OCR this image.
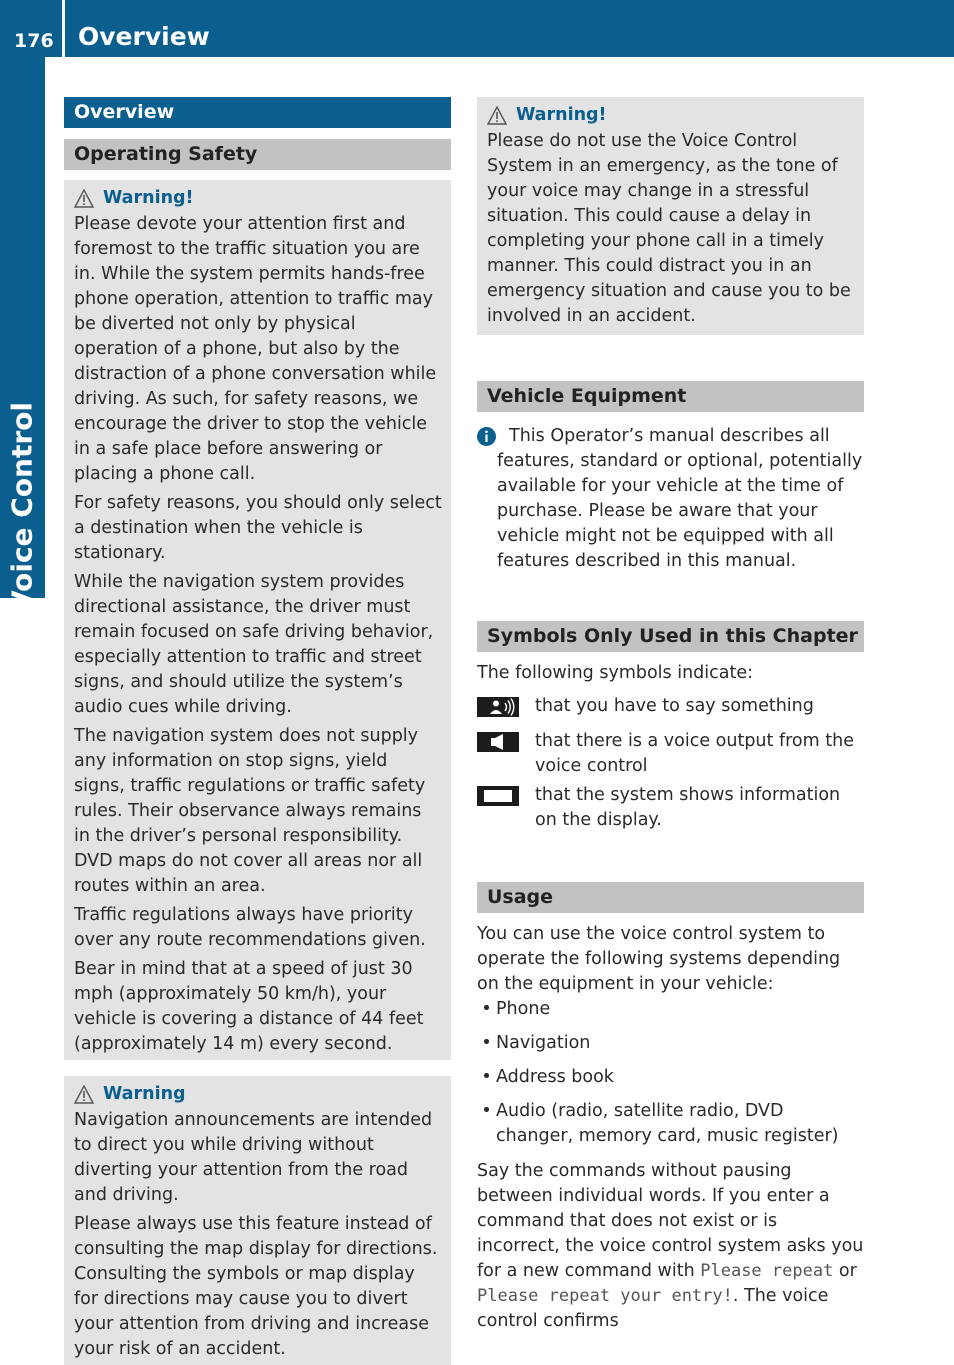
176 Overview
Voice Control
Overview
Operating Safety
Warning!

Please devote your attention first and foremost to the traffic situation you are in. While the system permits hands-free phone operation, attention to traffic may be diverted not only by physical operation of a phone, but also by the distraction of a phone conversation while driving. As such, for safety reasons, we encourage the driver to stop the vehicle in a safe place before answering or placing a phone call.

For safety reasons, you should only select a destination when the vehicle is stationary.

While the navigation system provides directional assistance, the driver must remain focused on safe driving behavior, especially attention to traffic and street signs, and should utilize the system’s audio cues while driving.

The navigation system does not supply any information on stop signs, yield signs, traffic regulations or traffic safety rules. Their observance always remains in the driver’s personal responsibility. DVD maps do not cover all areas nor all routes within an area.

Traffic regulations always have priority over any route recommendations given.

Bear in mind that at a speed of just 30 mph (approximately 50 km/h), your vehicle is covering a distance of 44 feet (approximately 14 m) every second.

Warning

Navigation announcements are intended to direct you while driving without diverting your attention from the road and driving.

Please always use this feature instead of consulting the map display for directions. Consulting the symbols or map display for directions may cause you to divert your attention from driving and increase your risk of an accident.

Warning!

Please do not use the Voice Control System in an emergency, as the tone of your voice may change in a stressful situation. This could cause a delay in completing your phone call in a timely manner. This could distract you in an emergency situation and cause you to be involved in an accident.

Vehicle Equipment

This Operator’s manual describes all features, standard or optional, potentially available for your vehicle at the time of purchase. Please be aware that your vehicle might not be equipped with all features described in this manual.

Symbols Only Used in this Chapter

The following symbols indicate:

that you have to say something
that there is a voice output from the voice control
that the system shows information on the display.
Usage

You can use the voice control system to operate the following systems depending on the equipment in your vehicle:

• Phone
• Navigation
• Address book
• Audio (radio, satellite radio, DVD changer, memory card, music register)

Say the commands without pausing between individual words. If you enter a command that does not exist or is incorrect, the voice control system asks you for a new command with Please repeat or Please repeat your entry!. The voice control confirms
